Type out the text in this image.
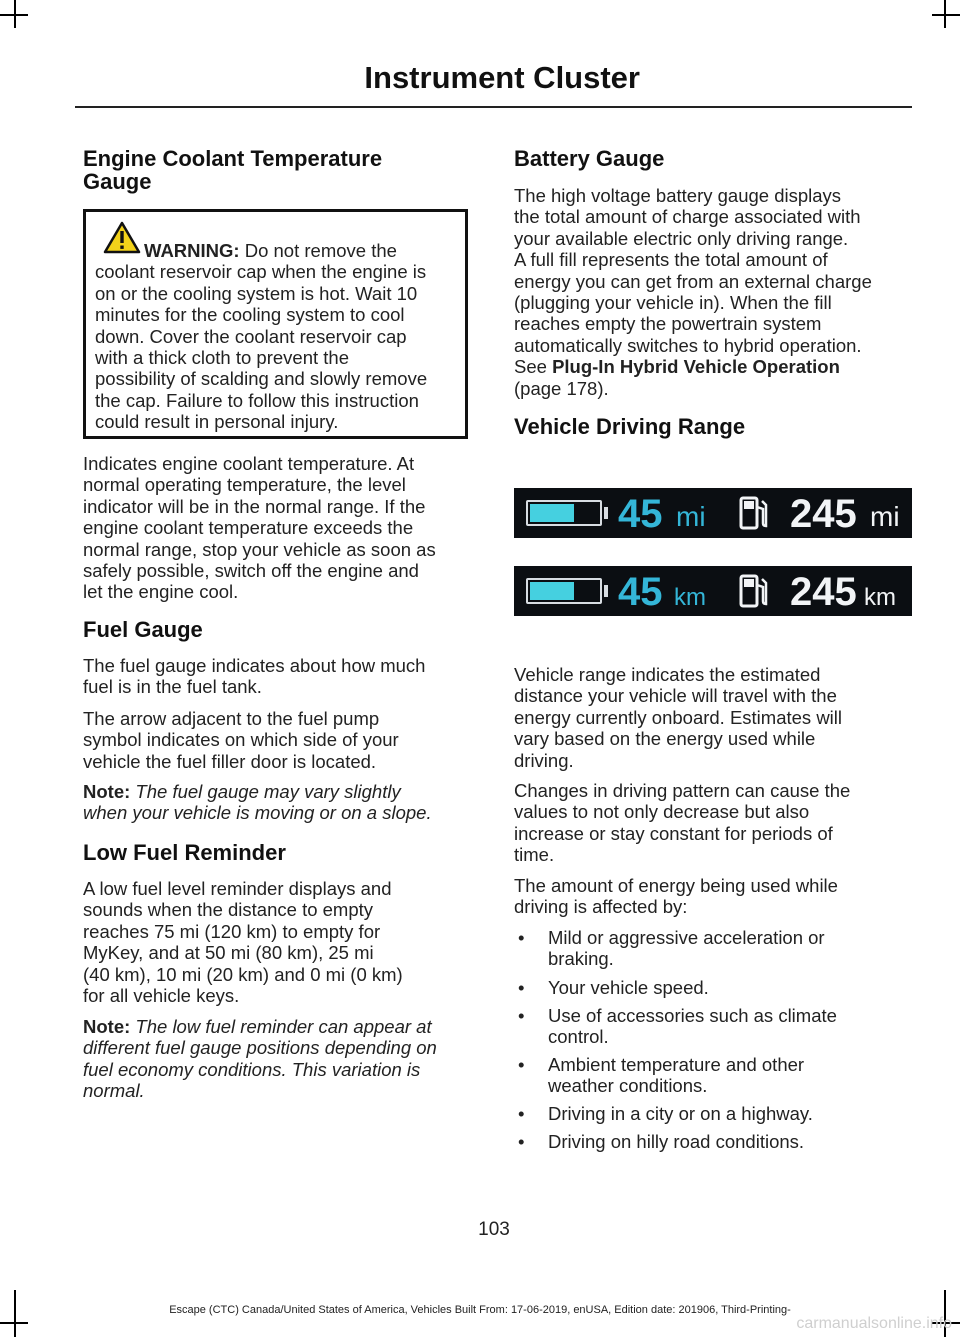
Instrument Cluster
Engine Coolant Temperature
Gauge
WARNING: Do not remove the
coolant reservoir cap when the engine is
on or the cooling system is hot. Wait 10
minutes for the cooling system to cool
down. Cover the coolant reservoir cap
with a thick cloth to prevent the
possibility of scalding and slowly remove
the cap. Failure to follow this instruction
could result in personal injury.
Indicates engine coolant temperature. At
normal operating temperature, the level
indicator will be in the normal range. If the
engine coolant temperature exceeds the
normal range, stop your vehicle as soon as
safely possible, switch off the engine and
let the engine cool.
Fuel Gauge
The fuel gauge indicates about how much
fuel is in the fuel tank.
The arrow adjacent to the fuel pump
symbol indicates on which side of your
vehicle the fuel filler door is located.
Note: The fuel gauge may vary slightly
when your vehicle is moving or on a slope.
Low Fuel Reminder
A low fuel level reminder displays and
sounds when the distance to empty
reaches 75 mi (120 km) to empty for
MyKey, and at 50 mi (80 km), 25 mi
(40 km), 10 mi (20 km) and 0 mi (0 km)
for all vehicle keys.
Note: The low fuel reminder can appear at
different fuel gauge positions depending on
fuel economy conditions. This variation is
normal.
Battery Gauge
The high voltage battery gauge displays
the total amount of charge associated with
your available electric only driving range.
A full fill represents the total amount of
energy you can get from an external charge
(plugging your vehicle in). When the fill
reaches empty the powertrain system
automatically switches to hybrid operation.
See Plug-In Hybrid Vehicle Operation
(page 178).
Vehicle Driving Range
45 mi 245 mi
45 km 245 km
Vehicle range indicates the estimated
distance your vehicle will travel with the
energy currently onboard. Estimates will
vary based on the energy used while
driving.
Changes in driving pattern can cause the
values to not only decrease but also
increase or stay constant for periods of
time.
The amount of energy being used while
driving is affected by:
• Mild or aggressive acceleration or
braking.
• Your vehicle speed.
• Use of accessories such as climate
control.
• Ambient temperature and other
weather conditions.
• Driving in a city or on a highway.
• Driving on hilly road conditions.
103
Escape (CTC) Canada/United States of America, Vehicles Built From: 17-06-2019, enUSA, Edition date: 201906, Third-Printing-
carmanualsonline.info
